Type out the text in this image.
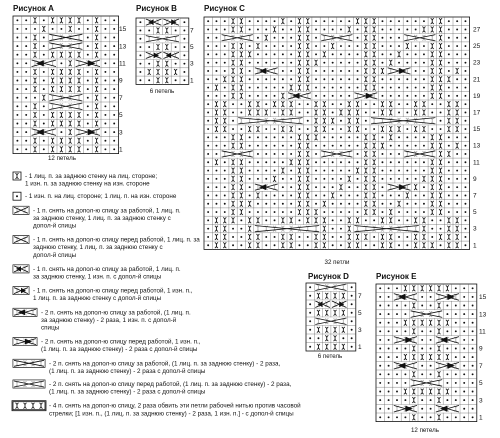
Рисунок A
15
13
11
9
7
5
3
1
12 петель
Рисунок B
7
5
3
1
6 петель
Рисунок C
27
25
23
21
19
17
15
13
11
9
7
5
3
1
32 петли
Рисунок D
7
5
3
1
6 петель
Рисунок E
15
13
11
9
7
5
3
1
12 петель
- 1 лиц. п. за заднюю стенку на лиц. стороне;
1 изн. п. за заднюю стенку на изн. стороне
- 1 изн. п. на лиц. стороне; 1 лиц. п. на изн. стороне
- 1 п. снять на допол-ю спицу за работой, 1 лиц. п.
за заднюю стенку, 1 лиц. п. за заднюю стенку с
допол-й спицы
- 1 п. снять на допол-ю спицу перед работой, 1 лиц. п. за
заднюю стенку, 1 лиц. п. за заднюю стенку с
допол-й спицы
- 1 п. снять на допол-ю спицу за работой, 1 лиц. п.
за заднюю стенку, 1 изн. п. с допол-й спицы
- 1 п. снять на допол-ю спицу перед работой, 1 изн. п.,
1 лиц. п. за заднюю стенку с допол-й спицы
- 2 п. снять на допол-ю спицу за работой, (1 лиц. п.
за заднюю стенку) - 2 раза, 1 изн. п. с допол-й
спицы
- 2 п. снять на допол-ю спицу перед работой, 1 изн. п.,
(1 лиц. п. за заднюю стенку) - 2 раза с допол-й спицы
- 2 п. снять на допол-ю спицу за работой, (1 лиц. п. за заднюю стенку) - 2 раза,
(1 лиц. п. за заднюю стенку) - 2 раза с допол-й спицы
- 2 п. снять на допол-ю спицу перед работой, (1 лиц. п. за заднюю стенку) - 2 раза,
(1 лиц. п. за заднюю стенку) - 2 раза с допол-й спицы
- 4 п. снять на допол-ю спицу, 2 раза обвить эти петли рабочей нитью против часовой
стрелки; [1 изн. п., (1 лиц. п. за заднюю стенку) - 2 раза, 1 изн. п.] - с допол-й спицы
